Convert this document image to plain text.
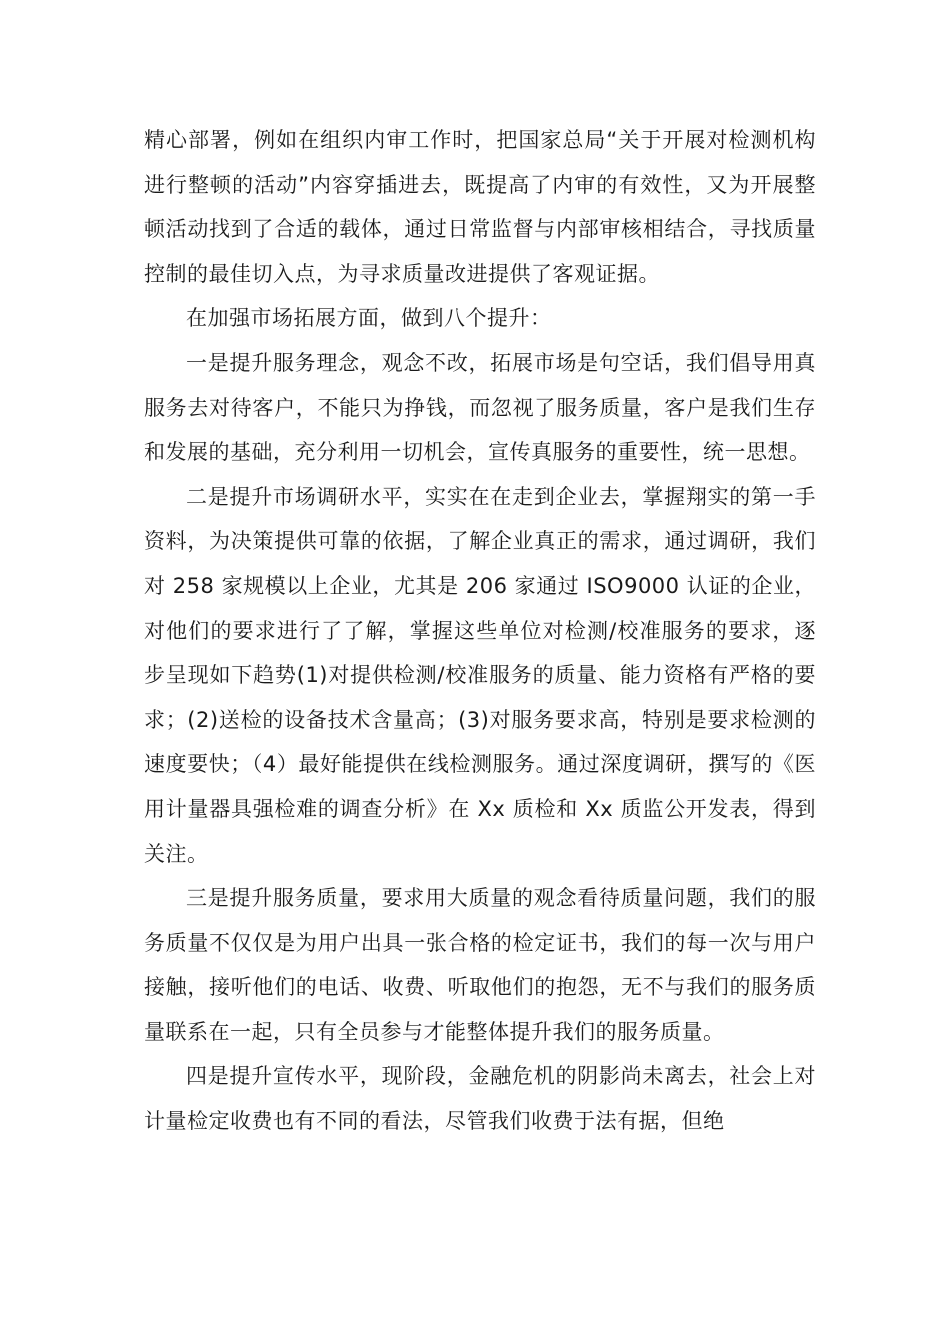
精心部署，例如在组织内审工作时，把国家总局“关于开展对检测机构进行整顿的活动”内容穿插进去，既提高了内审的有效性，又为开展整顿活动找到了合适的载体，通过日常监督与内部审核相结合，寻找质量控制的最佳切入点，为寻求质量改进提供了客观证据。

在加强市场拓展方面，做到八个提升：

一是提升服务理念，观念不改，拓展市场是句空话，我们倡导用真服务去对待客户，不能只为挣钱，而忽视了服务质量，客户是我们生存和发展的基础，充分利用一切机会，宣传真服务的重要性，统一思想。

二是提升市场调研水平，实实在在走到企业去，掌握翔实的第一手资料，为决策提供可靠的依据，了解企业真正的需求，通过调研，我们对 258 家规模以上企业，尤其是 206 家通过 ISO9000 认证的企业，对他们的要求进行了了解，掌握这些单位对检测/校准服务的要求，逐步呈现如下趋势(1)对提供检测/校准服务的质量、能力资格有严格的要求；(2)送检的设备技术含量高；(3)对服务要求高，特别是要求检测的速度要快；（4）最好能提供在线检测服务。通过深度调研，撰写的《医用计量器具强检难的调查分析》在 Xx 质检和 Xx 质监公开发表，得到关注。

三是提升服务质量，要求用大质量的观念看待质量问题，我们的服务质量不仅仅是为用户出具一张合格的检定证书，我们的每一次与用户接触，接听他们的电话、收费、听取他们的抱怨，无不与我们的服务质量联系在一起，只有全员参与才能整体提升我们的服务质量。

四是提升宣传水平，现阶段，金融危机的阴影尚未离去，社会上对计量检定收费也有不同的看法，尽管我们收费于法有据，但绝
